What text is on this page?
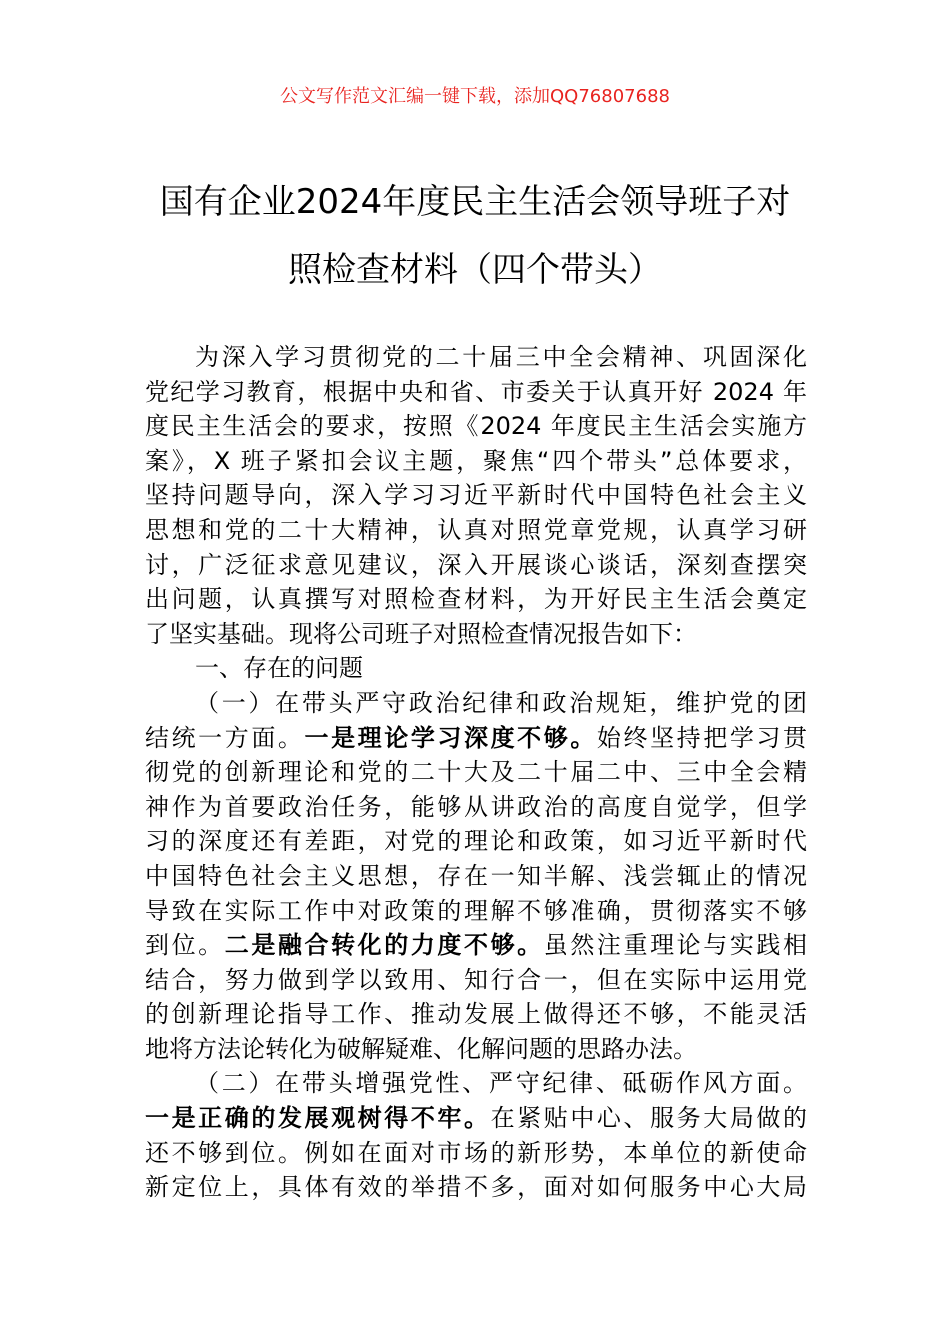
公文写作范文汇编一键下载，添加QQ76807688
国有企业2024年度民主生活会领导班子对
照检查材料（四个带头）
为深入学习贯彻党的二十届三中全会精神、巩固深化
党纪学习教育，根据中央和省、市委关于认真开好 2024 年
度民主生活会的要求，按照《2024 年度民主生活会实施方
案》，X 班子紧扣会议主题，聚焦“四个带头”总体要求，
坚持问题导向，深入学习习近平新时代中国特色社会主义
思想和党的二十大精神，认真对照党章党规，认真学习研
讨，广泛征求意见建议，深入开展谈心谈话，深刻查摆突
出问题，认真撰写对照检查材料，为开好民主生活会奠定
了坚实基础。现将公司班子对照检查情况报告如下：
一、存在的问题
（一）在带头严守政治纪律和政治规矩，维护党的团
结统一方面。一是理论学习深度不够。始终坚持把学习贯
彻党的创新理论和党的二十大及二十届二中、三中全会精
神作为首要政治任务，能够从讲政治的高度自觉学，但学
习的深度还有差距，对党的理论和政策，如习近平新时代
中国特色社会主义思想，存在一知半解、浅尝辄止的情况
导致在实际工作中对政策的理解不够准确，贯彻落实不够
到位。二是融合转化的力度不够。虽然注重理论与实践相
结合，努力做到学以致用、知行合一，但在实际中运用党
的创新理论指导工作、推动发展上做得还不够，不能灵活
地将方法论转化为破解疑难、化解问题的思路办法。
（二）在带头增强党性、严守纪律、砥砺作风方面。
一是正确的发展观树得不牢。在紧贴中心、服务大局做的
还不够到位。例如在面对市场的新形势，本单位的新使命
新定位上，具体有效的举措不多，面对如何服务中心大局
